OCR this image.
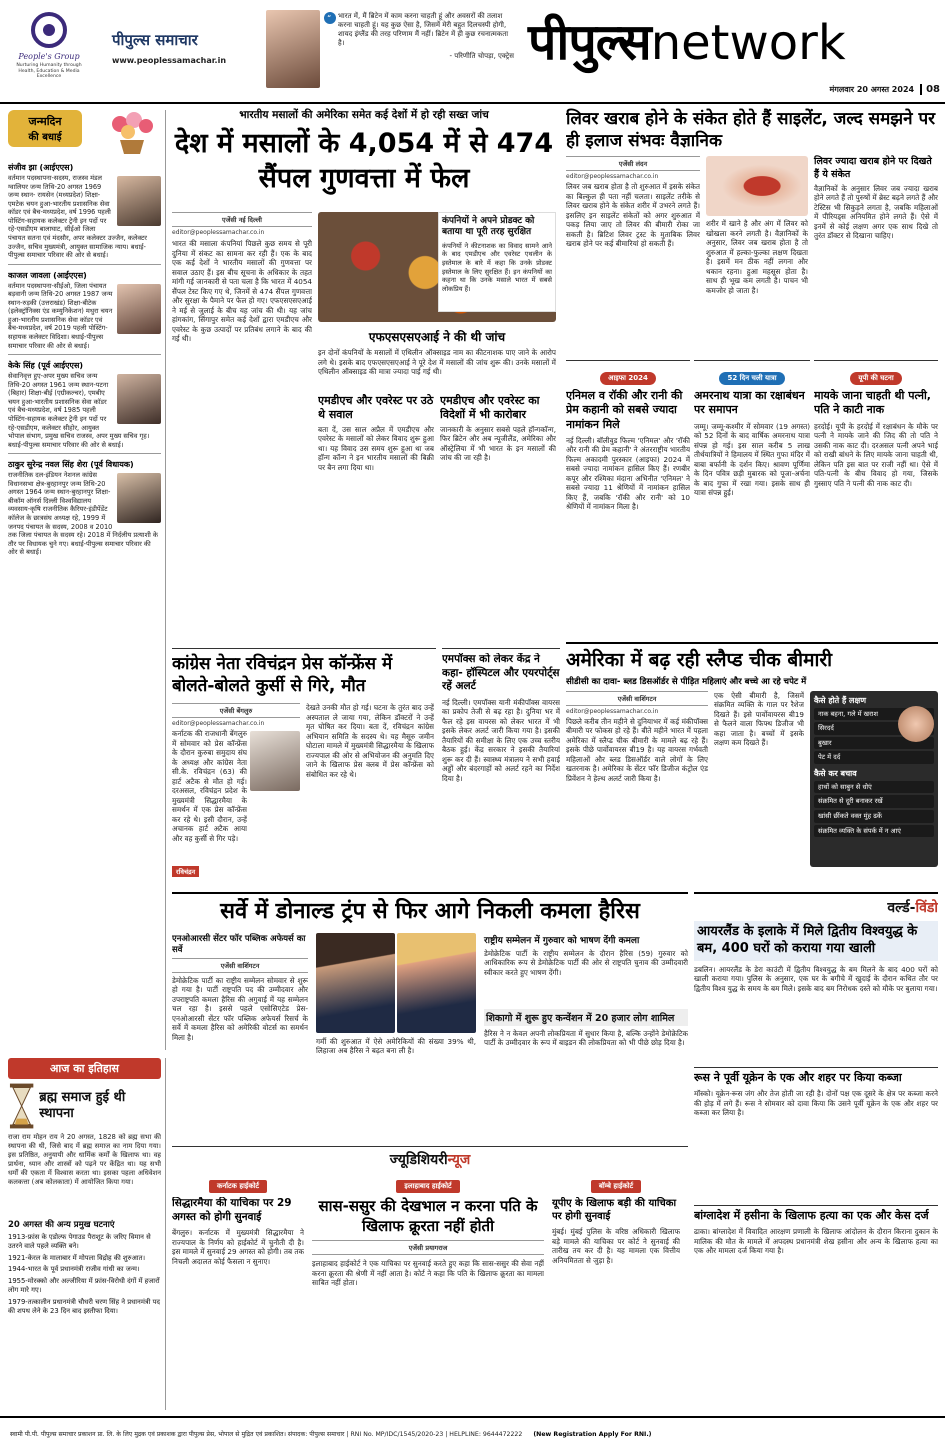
People's Group
Nurturing Humanity through Health, Education & Media Excellence
पीपुल्स समाचार
www.peoplessamachar.in
“ भारत में, मैं ब्रिटेन में काम करना चाहती हूं और अवसरों की तलाश करना चाहती हूं। यह कुछ ऐसा है, जिसमें मेरी बहुत दिलचस्पी होगी, शायद इंग्लैंड की तरह परिणाम मैं नहीं। ब्रिटेन में ही कुछ रचनात्मकता है।
- परिणीति चोपड़ा, एक्ट्रेस पीपुल्सnetwork
मंगलवार 20 अगस्त 2024	08
जन्मदिन
की बधाई
संजीव झा (आईएएस)
वर्तमान पदस्थापना-सदस्य, राजस्व मंडल ग्वालियर जन्म तिथि-20 अगस्त 1969 जन्म स्थान- रायसेन (मध्यप्रदेश) शिक्षा-एमटेक चयन हुआ-भारतीय प्रशासनिक सेवा कॉडर एवं बैच-मध्यप्रदेश, वर्ष 1996 पहली पोस्टिंग-सहायक कलेक्टर ट्रेनी इन पदों पर रहे-एसडीएम बालाघाट, सीईओ जिला पंचायत सतना एवं मंदसौर, अपर कलेक्टर उज्जैन, कलेक्टर उज्जैन, सचिव मुख्यमंत्री, आयुक्त सामाजिक न्याय। बधाई-पीपुल्स समाचार परिवार की ओर से बधाई।
काजल जावला (आईएएस)
वर्तमान पदस्थापना-सीईओ, जिला पंचायत बड़वानी जन्म तिथि-20 अगस्त 1987 जन्म स्थान-रुड़की (उत्तराखंड) शिक्षा-बीटेक (इलेक्ट्रॉनिक्स एंड कम्युनिकेशन) मथुरा चयन हुआ-भारतीय प्रशासनिक सेवा कॉडर एवं बैच-मध्यप्रदेश, वर्ष 2019 पहली पोस्टिंग-सहायक कलेक्टर विदिशा। बधाई-पीपुल्स समाचार परिवार की ओर से बधाई।
केके सिंह (पूर्व आईएएस)
सेवानिवृत्त हुए-अपर मुख्य सचिव जन्म तिथि-20 अगस्त 1961 जन्म स्थान-पटना (बिहार) शिक्षा-बीई (एग्रीकल्चर), एमबीए चयन हुआ-भारतीय प्रशासनिक सेवा कॉडर एवं बैच-मध्यप्रदेश, वर्ष 1985 पहली पोस्टिंग-सहायक कलेक्टर ट्रेनी इन पदों पर रहे-एसडीएम, कलेक्टर सीहोर, आयुक्त भोपाल संभाग, प्रमुख सचिव राजस्व, अपर मुख्य सचिव गृह। बधाई-पीपुल्स समाचार परिवार की ओर से बधाई।
ठाकुर सुरेन्द्र नवल सिंह शेरा (पूर्व विधायक)
राजनीतिक दल-इंडियन नेशनल कांग्रेस विधानसभा क्षेत्र-बुरहानपुर जन्म तिथि-20 अगस्त 1964 जन्म स्थान-बुरहानपुर शिक्षा-बीकॉम ऑनर्स दिल्ली विश्वविद्यालय व्यवसाय-कृषि राजनीतिक कैरियर-इंडीपेंडेंट कॉलेज के छात्रसंघ अध्यक्ष रहे, 1999 में जनपद पंचायत के सदस्य, 2008 व 2010 तक जिला पंचायत के सदस्य रहे। 2018 में निर्दलीय प्रत्याशी के तौर पर विधायक चुने गए। बधाई-पीपुल्स समाचार परिवार की ओर से बधाई।
आज का इतिहास
ब्रह्म समाज हुई थी स्थापना
राजा राम मोहन राय ने 20 अगस्त, 1828 को ब्रह्म सभा की स्थापना की थी, जिसे बाद में ब्रह्म समाज का नाम दिया गया। इस प्रतिष्ठित, अनुयायी और धार्मिक कर्मों के खिलाफ था। वह प्रार्थना, ध्यान और शास्त्रों को पढ़ने पर केंद्रित था। यह सभी धर्मों की एकता में विश्वास करता था। इसका पहला अधिवेशन कलकत्ता (अब कोलकाता) में आयोजित किया गया।
20 अगस्त की अन्य प्रमुख घटनाएं
1913-फ्रांस के एडोल्फ पेगाउड पैराशूट के जरिए विमान से उतरने वाले पहले व्यक्ति बने।
1921-केरल के मालाबार में मोपला विद्रोह की शुरुआत।
1944-भारत के पूर्व प्रधानमंत्री राजीव गांधी का जन्म।
1955-मोरक्को और अल्जीरिया में फ्रांस-विरोधी दंगों में हजारों लोग मारे गए।
1979-तत्कालीन प्रधानमंत्री चौधरी चरण सिंह ने प्रधानमंत्री पद की शपथ लेने के 23 दिन बाद इस्तीफा दिया।
भारतीय मसालों की अमेरिका समेत कई देशों में हो रही सख्त जांच
देश में मसालों के 4,054 में से 474 सैंपल गुणवत्ता में फेल
एजेंसी नई दिल्ली
editor@peoplessamachar.co.in
भारत की मसाला कंपनियां पिछले कुछ समय से पूरी दुनिया में संकट का सामना कर रही हैं। एक के बाद एक कई देशों ने भारतीय मसालों की गुणवत्ता पर सवाल उठाए हैं। इस बीच सूचना के अधिकार के तहत मांगी गई जानकारी से पता चला है कि भारत में 4054 सैंपल टेस्ट किए गए थे, जिनमें से 474 सैंपल गुणवत्ता और सुरक्षा के पैमाने पर फेल हो गए। एफएसएसएआई ने मई से जुलाई के बीच यह जांच की थी। यह जांच हांगकांग, सिंगापुर समेत कई देशों द्वारा एमडीएच और एवरेस्ट के कुछ उत्पादों पर प्रतिबंध लगाने के बाद की गई थी।
कंपनियों ने अपने प्रोडक्ट को बताया था पूरी तरह सुरक्षित
कंपनियों ने कीटनाशक का विवाद सामने आने के बाद एमडीएच और एवरेस्ट एथलीन के इस्तेमाल के बारे में कहा कि उनके प्रोडक्ट इस्तेमाल के लिए सुरक्षित हैं। इन कंपनियों का कहना था कि उनके मसाले भारत में सबसे लोकप्रिय हैं।
एफएसएसएआई ने की थी जांच
इन दोनों कंपनियों के मसालों में एथिलीन ऑक्साइड नाम का कीटनाशक पाए जाने के आरोप लगे थे। इसके बाद एफएसएसएआई ने पूरे देश में मसालों की जांच शुरू की। उनके मसालों में एथिलीन ऑक्साइड की मात्रा ज्यादा पाई गई थी।
एमडीएच और एवरेस्ट पर उठे थे सवाल
बता दें, उस साल अप्रैल में एमडीएच और एवरेस्ट के मसालों को लेकर विवाद शुरू हुआ था। यह विवाद उस समय शुरू हुआ था जब हॉन्ग कॉन्ग ने इन भारतीय मसालों की बिक्री पर बैन लगा दिया था।
एमडीएच और एवरेस्ट का विदेशों में भी कारोबार
जानकारी के अनुसार सबसे पहले हॉन्गकॉन्ग, फिर ब्रिटेन और अब न्यूजीलैंड, अमेरिका और ऑस्ट्रेलिया में भी भारत के इन मसालों की जांच की जा रही है।
कांग्रेस नेता रविचंद्रन प्रेस कॉन्फ्रेंस में बोलते-बोलते कुर्सी से गिरे, मौत
एजेंसी बेंगलुरु
editor@peoplessamachar.co.in
कर्नाटक की राजधानी बेंगलुरु में सोमवार को प्रेस कॉन्फ्रेंस के दौरान कुरुबा समुदाय संघ के अध्यक्ष और कांग्रेस नेता सी.के. रविचंद्रन (63) की हार्ट अटैक से मौत हो गई। दरअसल, रविचंद्रन प्रदेश के मुख्यमंत्री सिद्धारमैया के समर्थन में एक प्रेस कॉन्फ्रेंस कर रहे थे। इसी दौरान, उन्हें अचानक हार्ट अटैक आया और वह कुर्सी से गिर पड़े।
रविचंद्रन
देखते उनकी मौत हो गई। घटना के तुरंत बाद उन्हें अस्पताल ले जाया गया, लेकिन डॉक्टरों ने उन्हें मृत घोषित कर दिया। बता दें, रविचंद्रन कांग्रेस अभियान समिति के सदस्य थे। यह मैसूरु जमीन घोटाला मामले में मुख्यमंत्री सिद्धारमैया के खिलाफ राज्यपाल की ओर से अभियोजन की अनुमति दिए जाने के खिलाफ प्रेस क्लब में प्रेस कॉन्फ्रेंस को संबोधित कर रहे थे।
एमपॉक्स को लेकर केंद्र ने कहा- हॉस्पिटल और एयरपोर्ट्स रहें अलर्ट
नई दिल्ली। एमपॉक्स यानी मंकीपॉक्स वायरस का प्रकोप तेजी से बढ़ रहा है। दुनिया भर में फैल रहे इस वायरस को लेकर भारत में भी इसके लेकर अलर्ट जारी किया गया है। इसकी तैयारियों की समीक्षा के लिए एक उच्च स्तरीय बैठक हुई। केंद्र सरकार ने इसकी तैयारियां शुरू कर दी हैं। स्वास्थ्य मंत्रालय ने सभी हवाई अड्डों और बंदरगाहों को अलर्ट रहने का निर्देश दिया है।
लिवर खराब होने के संकेत होते हैं साइलेंट, जल्द समझने पर ही इलाज संभवः वैज्ञानिक
एजेंसी लंदन
editor@peoplessamachar.co.in
लिवर जब खराब होता है तो शुरुआत में इसके संकेत का बिल्कुल ही पता नहीं चलता। साइलेंट तरीके से लिवर खराब होने के संकेत शरीर में उभरने लगते हैं। इसलिए इन साइलेंट संकेतों को अगर शुरुआत में पकड़ लिया जाए तो लिवर की बीमारी रोका जा सकती है। ब्रिटिश लिवर ट्रस्ट के मुताबिक लिवर खराब होने पर कई बीमारियां हो सकती हैं।
शरीर में खाने है और अंग में लिवर को खोखला करने लगती है। वैज्ञानिकों के अनुसार, लिवर जब खराब होता है तो शुरुआत में हल्का-फुल्का लक्षण दिखता है। इसमें मन ठीक नहीं लगना और थकान रहना। हुआ महसूस होता है। साथ ही भूख कम लगती है। पाचन भी कमजोर हो जाता है।
लिवर ज्यादा खराब होने पर दिखते हैं ये संकेत
वैज्ञानिकों के अनुसार लिवर जब ज्यादा खराब होने लगते हैं तो पुरुषों में ब्रेस्ट बढ़ने लगते हैं और टेस्टिस भी सिकुड़ने लगता है, जबकि महिलाओं में पीरियड्स अनियमित होने लगते हैं। ऐसे में इनमें से कोई लक्षण अगर एक साथ दिखे तो तुरंत डॉक्टर से दिखाना चाहिए।
आइफा 2024
एनिमल व रॉकी और रानी की प्रेम कहानी को सबसे ज्यादा नामांकन मिले
नई दिल्ली। बॉलीवुड फिल्म 'एनिमल' और 'रॉकी और रानी की प्रेम कहानी' ने अंतरराष्ट्रीय भारतीय फिल्म अकादमी पुरस्कार (आइफा) 2024 में सबसे ज्यादा नामांकन हासिल किए हैं। रणबीर कपूर और रश्मिका मंदाना अभिनीत 'एनिमल' ने सबसे ज्यादा 11 श्रेणियों में नामांकन हासिल किए हैं, जबकि 'रॉकी और रानी' को 10 श्रेणियों में नामांकन मिला है।
52 दिन चली यात्रा
अमरनाथ यात्रा का रक्षाबंधन पर समापन
जम्मू। जम्मू-कश्मीर में सोमवार (19 अगस्त) को 52 दिनों के बाद वार्षिक अमरनाथ यात्रा संपन्न हो गई। इस साल करीब 5 लाख तीर्थयात्रियों ने हिमालय में स्थित गुफा मंदिर में बाबा बर्फानी के दर्शन किए। श्रावण पूर्णिमा के दिन पवित्र छड़ी मुबारक को पूजा-अर्चना के बाद गुफा में रखा गया। इसके साथ ही यात्रा संपन्न हुई।
यूपी की घटना
मायके जाना चाहती थी पत्नी, पति ने काटी नाक
हरदोई। यूपी के हरदोई में रक्षाबंधन के मौके पर पत्नी ने मायके जाने की जिद की तो पति ने उसकी नाक काट दी। दरअसल पत्नी अपने भाई को राखी बांधने के लिए मायके जाना चाहती थी, लेकिन पति इस बात पर राजी नहीं था। ऐसे में पति-पत्नी के बीच विवाद हो गया, जिसके गुस्साए पति ने पत्नी की नाक काट दी।
अमेरिका में बढ़ रही स्लैप्ड चीक बीमारी
सीडीसी का दावा- ब्लड डिसऑर्डर से पीड़ित महिलाएं और बच्चे आ रहे चपेट में
एजेंसी वाशिंगटन
editor@peoplessamachar.co.in
पिछले करीब तीन महीने से दुनियाभर में कई मंकीपॉक्स बीमारी पर फोकस हो रहे हैं। बीते महीने भारत में पहला अमेरिका में स्लैप्ड चीक बीमारी के मामले बढ़ रहे हैं। इसके पीछे पार्वोवायरस बी19 है। यह वायरस गर्भवती महिलाओं और ब्लड डिसऑर्डर वाले लोगों के लिए खतरनाक है। अमेरिका के सेंटर फॉर डिजीज कंट्रोल एंड प्रिवेंशन ने हेल्थ अलर्ट जारी किया है।
एक ऐसी बीमारी है, जिसमें संक्रमित व्यक्ति के गाल पर रैशेज दिखते हैं। इसे पार्वोवायरस बी19 से फैलने वाला फिफ्थ डिजीज भी कहा जाता है। बच्चों में इसके लक्षण कम दिखते हैं।
कैसे होते हैं लक्षण
नाक बहना, गले में खराश
सिरदर्द
बुखार
पेट में दर्द
कैसे कर बचाव
हाथों को साबुन से धोएं
संक्रमित से दूरी बनाकर रखें
खांसी छींकते वक्त मुंह ढकें
संक्रमित व्यक्ति के संपर्क में न आएं
सर्वे में डोनाल्ड ट्रंप से फिर आगे निकली कमला हैरिस
एनओआरसी सेंटर फॉर पब्लिक अफेयर्स का सर्वे
एजेंसी वाशिंगटन
डेमोक्रेटिक पार्टी का राष्ट्रीय सम्मेलन सोमवार से शुरू हो गया है। पार्टी राष्ट्रपति पद की उम्मीदवार और उपराष्ट्रपति कमला हैरिस की अगुवाई में यह सम्मेलन चल रहा है। इससे पहले एसोसिएटेड प्रेस-एनओआरसी सेंटर फॉर पब्लिक अफेयर्स रिसर्च के सर्वे में कमला हैरिस को अमेरिकी वोटर्स का समर्थन मिला है।	गर्मी की शुरुआत में ऐसे अमेरिकियों की संख्या 39% थी, लिहाजा अब हैरिस ने बढ़त बना ली है।
राष्ट्रीय सम्मेलन में गुरुवार को भाषण देंगी कमला
डेमोक्रेटिक पार्टी के राष्ट्रीय सम्मेलन के दौरान हैरिस (59) गुरुवार को आधिकारिक रूप से डेमोक्रेटिक पार्टी की ओर से राष्ट्रपति चुनाव की उम्मीदवारी स्वीकार करते हुए भाषण देंगी।
शिकागो में शुरू हुए कन्वेंशन में 20 हजार लोग शामिल
हैरिस ने न केवल अपनी लोकप्रियता में सुधार किया है, बल्कि उन्होंने डेमोक्रेटिक पार्टी के उम्मीदवार के रूप में बाइडन की लोकप्रियता को भी पीछे छोड़ दिया है।
वर्ल्ड-विंडो
आयरलैंड के इलाके में मिले द्वितीय विश्वयुद्ध के बम, 400 घरों को कराया गया खाली
डबलिन। आयरलैंड के डेरा काउंटी में द्वितीय विश्वयुद्ध के बम मिलने के बाद 400 घरों को खाली कराया गया। पुलिस के अनुसार, एक घर के बगीचे में खुदाई के दौरान कथित तौर पर द्वितीय विश्व युद्ध के समय के बम मिले। इसके बाद बम निरोधक दस्ते को मौके पर बुलाया गया।
रूस ने पूर्वी यूक्रेन के एक और शहर पर किया कब्जा
मॉस्को। यूक्रेन-रूस जंग और तेज होती जा रही है। दोनों पक्ष एक दूसरे के क्षेत्र पर कब्जा करने की होड़ में लगे हैं। रूस ने सोमवार को दावा किया कि उसने पूर्वी यूक्रेन के एक और शहर पर कब्जा कर लिया है।
बांग्लादेश में हसीना के खिलाफ हत्या का एक और केस दर्ज
ढाका। बांग्लादेश में विवादित आरक्षण प्रणाली के खिलाफ आंदोलन के दौरान किराना दुकान के मालिक की मौत के मामले में अपदस्थ प्रधानमंत्री शेख हसीना और अन्य के खिलाफ हत्या का एक और मामला दर्ज किया गया है।
ज्यूडिशियरीन्यूज
कर्नाटक हाईकोर्ट
सिद्धारमैया की याचिका पर 29 अगस्त को होगी सुनवाई
बेंगलुरु। कर्नाटक में मुख्यमंत्री सिद्धारमैया ने राज्यपाल के निर्णय को हाईकोर्ट में चुनौती दी है। इस मामले में सुनवाई 29 अगस्त को होगी। तब तक निचली अदालत कोई फैसला न सुनाए।
इलाहाबाद हाईकोर्ट
सास-ससुर की देखभाल न करना पति के खिलाफ क्रूरता नहीं होती
एजेंसी प्रयागराज
इलाहाबाद हाईकोर्ट ने एक याचिका पर सुनवाई करते हुए कहा कि सास-ससुर की सेवा नहीं करना क्रूरता की श्रेणी में नहीं आता है। कोर्ट ने कहा कि पति के खिलाफ क्रूरता का मामला साबित नहीं होता।
बॉम्बे हाईकोर्ट
यूपीए के खिलाफ बड़ी की याचिका पर होगी सुनवाई
मुंबई। मुंबई पुलिस के वरिष्ठ अधिकारी खिलाफ बड़े मामले की याचिका पर कोर्ट ने सुनवाई की तारीख तय कर दी है। यह मामला एक वित्तीय अनियमितता से जुड़ा है।
स्वामी पी.पी. पीपुल्स समाचार प्रकाशन प्रा. लि. के लिए मुद्रक एवं प्रकाशक द्वारा पीपुल्स प्रेस, भोपाल से मुद्रित एवं प्रकाशित। संपादक: पीपुल्स समाचार | RNI No. MP/IDC/1545/2020-23 | HELPLINE: 9644472222 (New Registration Apply For RNI.)
